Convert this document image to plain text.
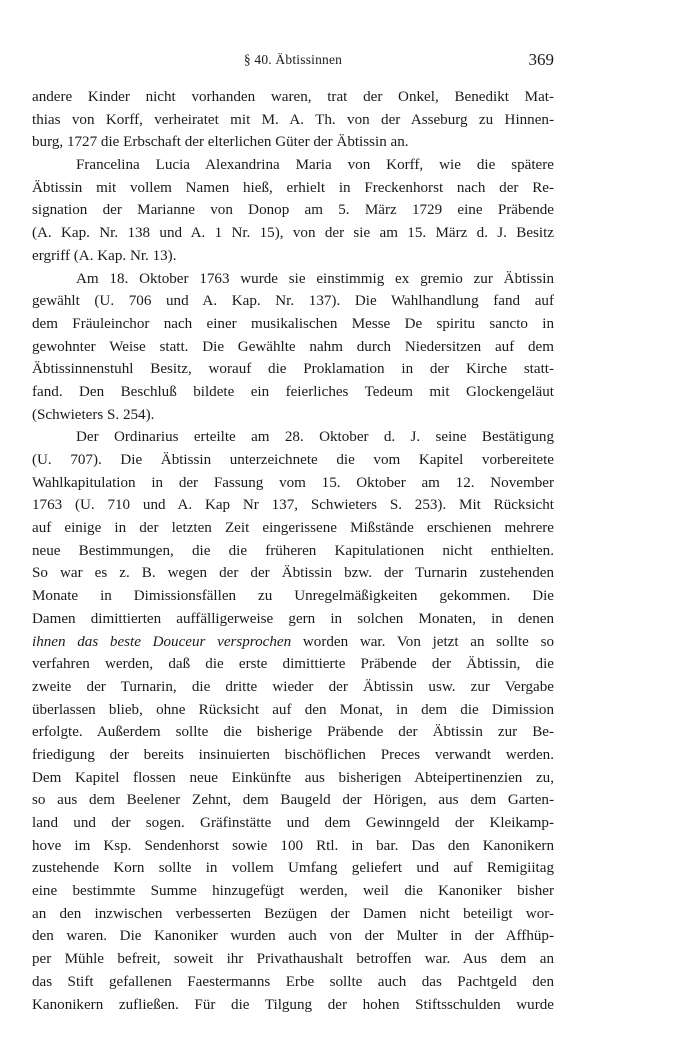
§ 40. Äbtissinnen	369
andere Kinder nicht vorhanden waren, trat der Onkel, Benedikt Mat-
thias von Korff, verheiratet mit M. A. Th. von der Asseburg zu Hinnen-
burg, 1727 die Erbschaft der elterlichen Güter der Äbtissin an.
Francelina Lucia Alexandrina Maria von Korff, wie die spätere
Äbtissin mit vollem Namen hieß, erhielt in Freckenhorst nach der Re-
signation der Marianne von Donop am 5. März 1729 eine Präbende
(A. Kap. Nr. 138 und A. 1 Nr. 15), von der sie am 15. März d. J. Besitz
ergriff (A. Kap. Nr. 13).
Am 18. Oktober 1763 wurde sie einstimmig ex gremio zur Äbtissin
gewählt (U. 706 und A. Kap. Nr. 137). Die Wahlhandlung fand auf
dem Fräuleinchor nach einer musikalischen Messe De spiritu sancto in
gewohnter Weise statt. Die Gewählte nahm durch Niedersitzen auf dem
Äbtissinnenstuhl Besitz, worauf die Proklamation in der Kirche statt-
fand. Den Beschluß bildete ein feierliches Tedeum mit Glockengeläut
(Schwieters S. 254).
Der Ordinarius erteilte am 28. Oktober d. J. seine Bestätigung
(U. 707). Die Äbtissin unterzeichnete die vom Kapitel vorbereitete
Wahlkapitulation in der Fassung vom 15. Oktober am 12. November
1763 (U. 710 und A. Kap Nr 137, Schwieters S. 253). Mit Rücksicht
auf einige in der letzten Zeit eingerissene Mißstände erschienen mehrere
neue Bestimmungen, die die früheren Kapitulationen nicht enthielten.
So war es z. B. wegen der der Äbtissin bzw. der Turnarin zustehenden
Monate in Dimissionsfällen zu Unregelmäßigkeiten gekommen. Die
Damen dimittierten auffälligerweise gern in solchen Monaten, in denen
ihnen das beste Douceur versprochen worden war. Von jetzt an sollte so
verfahren werden, daß die erste dimittierte Präbende der Äbtissin, die
zweite der Turnarin, die dritte wieder der Äbtissin usw. zur Vergabe
überlassen blieb, ohne Rücksicht auf den Monat, in dem die Dimission
erfolgte. Außerdem sollte die bisherige Präbende der Äbtissin zur Be-
friedigung der bereits insinuierten bischöflichen Preces verwandt werden.
Dem Kapitel flossen neue Einkünfte aus bisherigen Abteipertinenzien zu,
so aus dem Beelener Zehnt, dem Baugeld der Hörigen, aus dem Garten-
land und der sogen. Gräfinstätte und dem Gewinngeld der Kleikamp-
hove im Ksp. Sendenhorst sowie 100 Rtl. in bar. Das den Kanonikern
zustehende Korn sollte in vollem Umfang geliefert und auf Remigiitag
eine bestimmte Summe hinzugefügt werden, weil die Kanoniker bisher
an den inzwischen verbesserten Bezügen der Damen nicht beteiligt wor-
den waren. Die Kanoniker wurden auch von der Multer in der Affhüp-
per Mühle befreit, soweit ihr Privathaushalt betroffen war. Aus dem an
das Stift gefallenen Faestermanns Erbe sollte auch das Pachtgeld den
Kanonikern zufließen. Für die Tilgung der hohen Stiftsschulden wurde
